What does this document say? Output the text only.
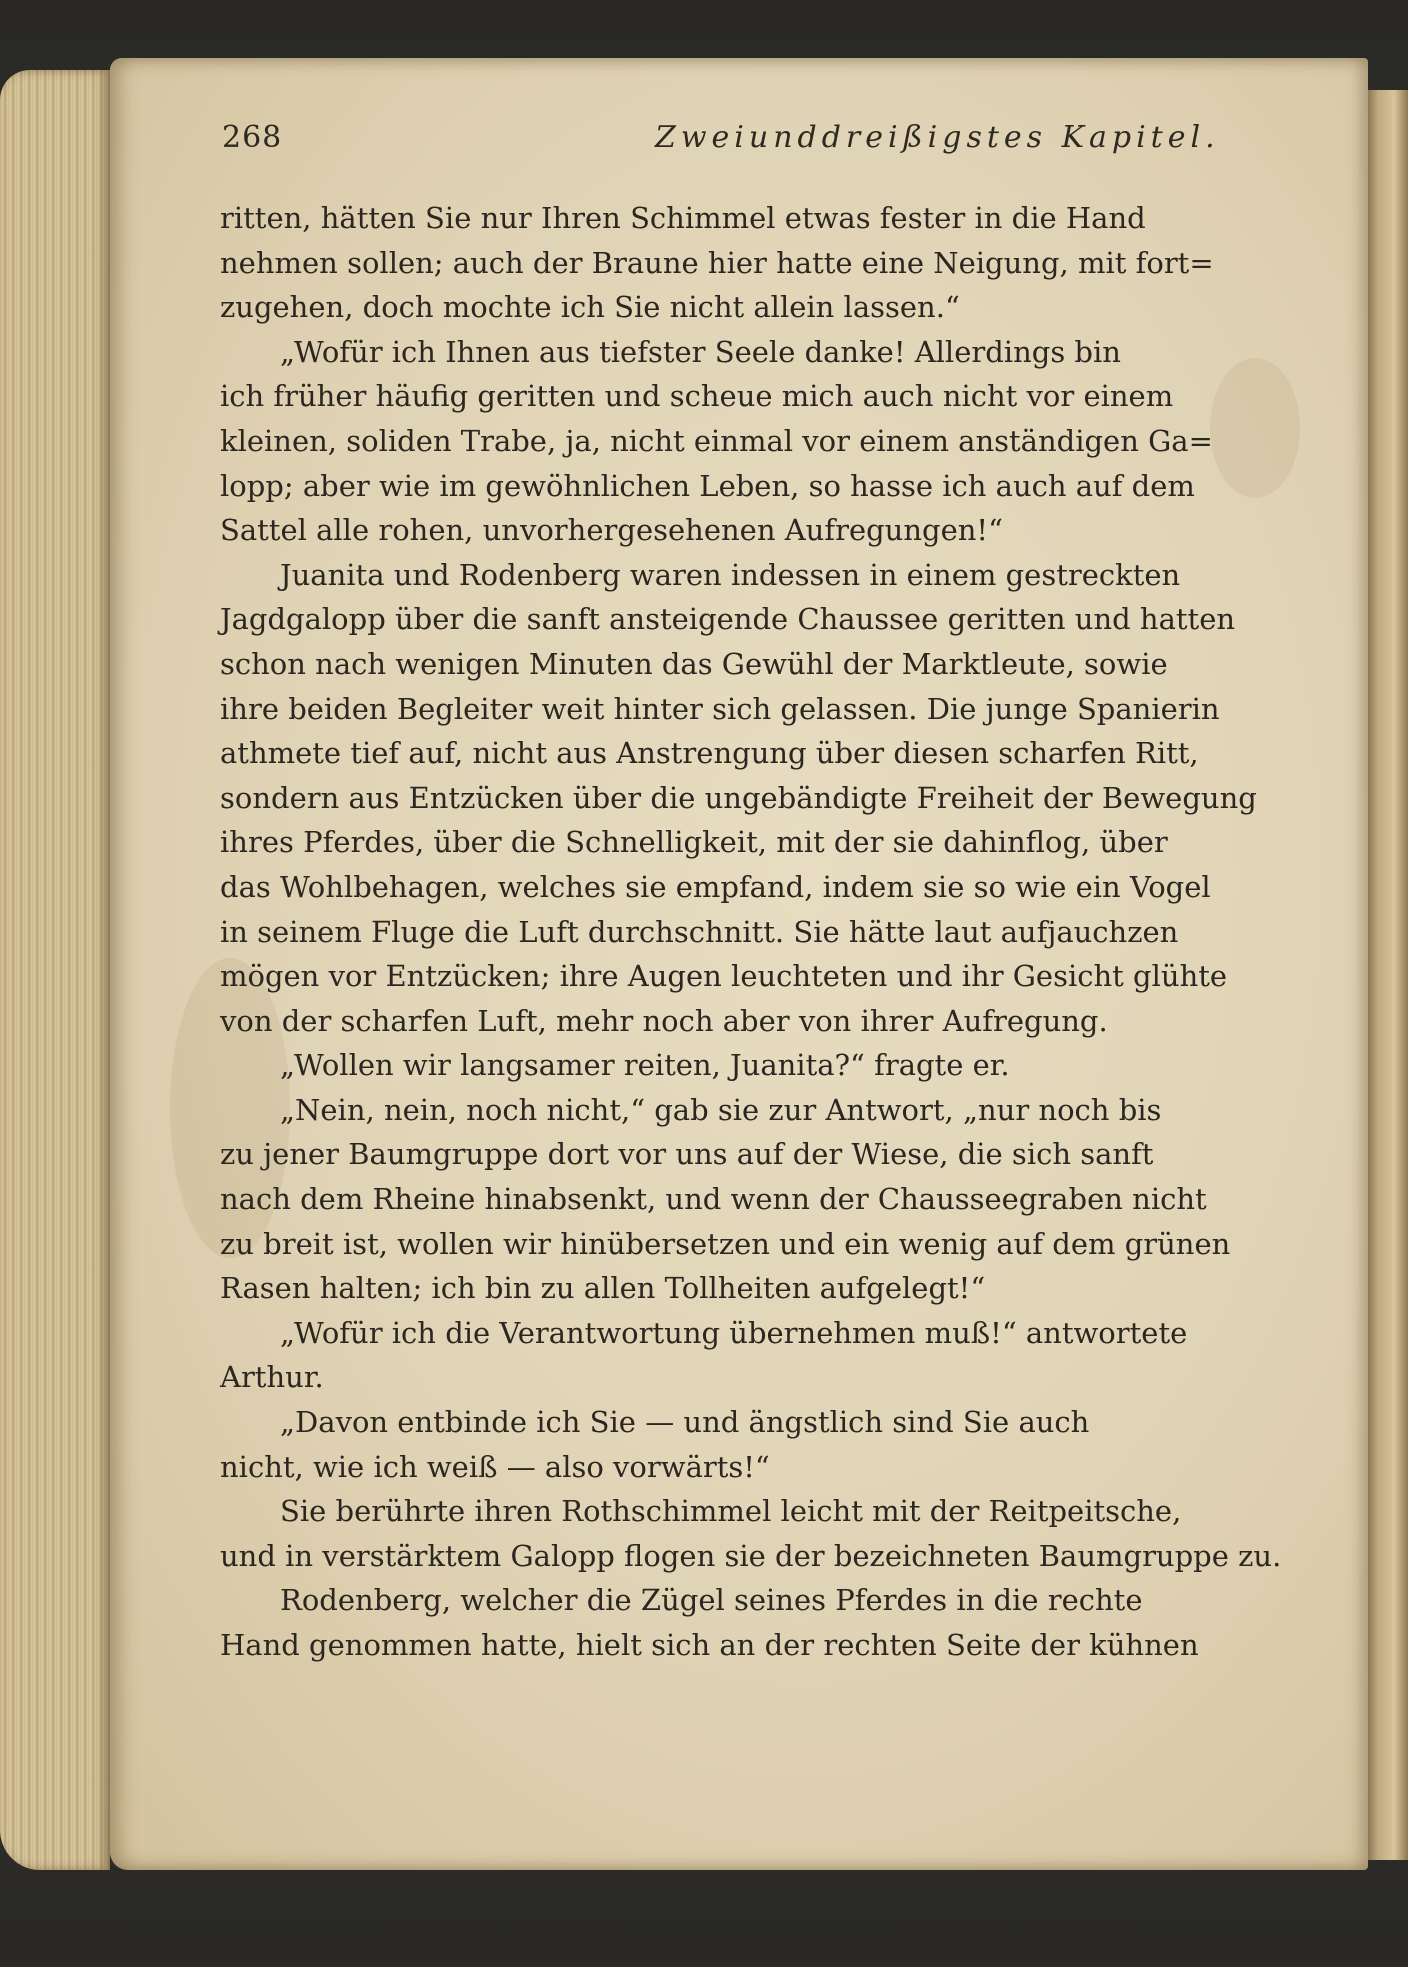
268	Zweiunddreißigstes Kapitel.
ritten, hätten Sie nur Ihren Schimmel etwas fester in die Hand
nehmen sollen; auch der Braune hier hatte eine Neigung, mit fort=
zugehen, doch mochte ich Sie nicht allein lassen.“
„Wofür ich Ihnen aus tiefster Seele danke! Allerdings bin
ich früher häufig geritten und scheue mich auch nicht vor einem
kleinen, soliden Trabe, ja, nicht einmal vor einem anständigen Ga=
lopp; aber wie im gewöhnlichen Leben, so hasse ich auch auf dem
Sattel alle rohen, unvorhergesehenen Aufregungen!“
Juanita und Rodenberg waren indessen in einem gestreckten
Jagdgalopp über die sanft ansteigende Chaussee geritten und hatten
schon nach wenigen Minuten das Gewühl der Marktleute, sowie
ihre beiden Begleiter weit hinter sich gelassen. Die junge Spanierin
athmete tief auf, nicht aus Anstrengung über diesen scharfen Ritt,
sondern aus Entzücken über die ungebändigte Freiheit der Bewegung
ihres Pferdes, über die Schnelligkeit, mit der sie dahinflog, über
das Wohlbehagen, welches sie empfand, indem sie so wie ein Vogel
in seinem Fluge die Luft durchschnitt. Sie hätte laut aufjauchzen
mögen vor Entzücken; ihre Augen leuchteten und ihr Gesicht glühte
von der scharfen Luft, mehr noch aber von ihrer Aufregung.
„Wollen wir langsamer reiten, Juanita?“ fragte er.
„Nein, nein, noch nicht,“ gab sie zur Antwort, „nur noch bis
zu jener Baumgruppe dort vor uns auf der Wiese, die sich sanft
nach dem Rheine hinabsenkt, und wenn der Chausseegraben nicht
zu breit ist, wollen wir hinübersetzen und ein wenig auf dem grünen
Rasen halten; ich bin zu allen Tollheiten aufgelegt!“
„Wofür ich die Verantwortung übernehmen muß!“ antwortete
Arthur.
„Davon entbinde ich Sie — und ängstlich sind Sie auch
nicht, wie ich weiß — also vorwärts!“
Sie berührte ihren Rothschimmel leicht mit der Reitpeitsche,
und in verstärktem Galopp flogen sie der bezeichneten Baumgruppe zu.
Rodenberg, welcher die Zügel seines Pferdes in die rechte
Hand genommen hatte, hielt sich an der rechten Seite der kühnen
